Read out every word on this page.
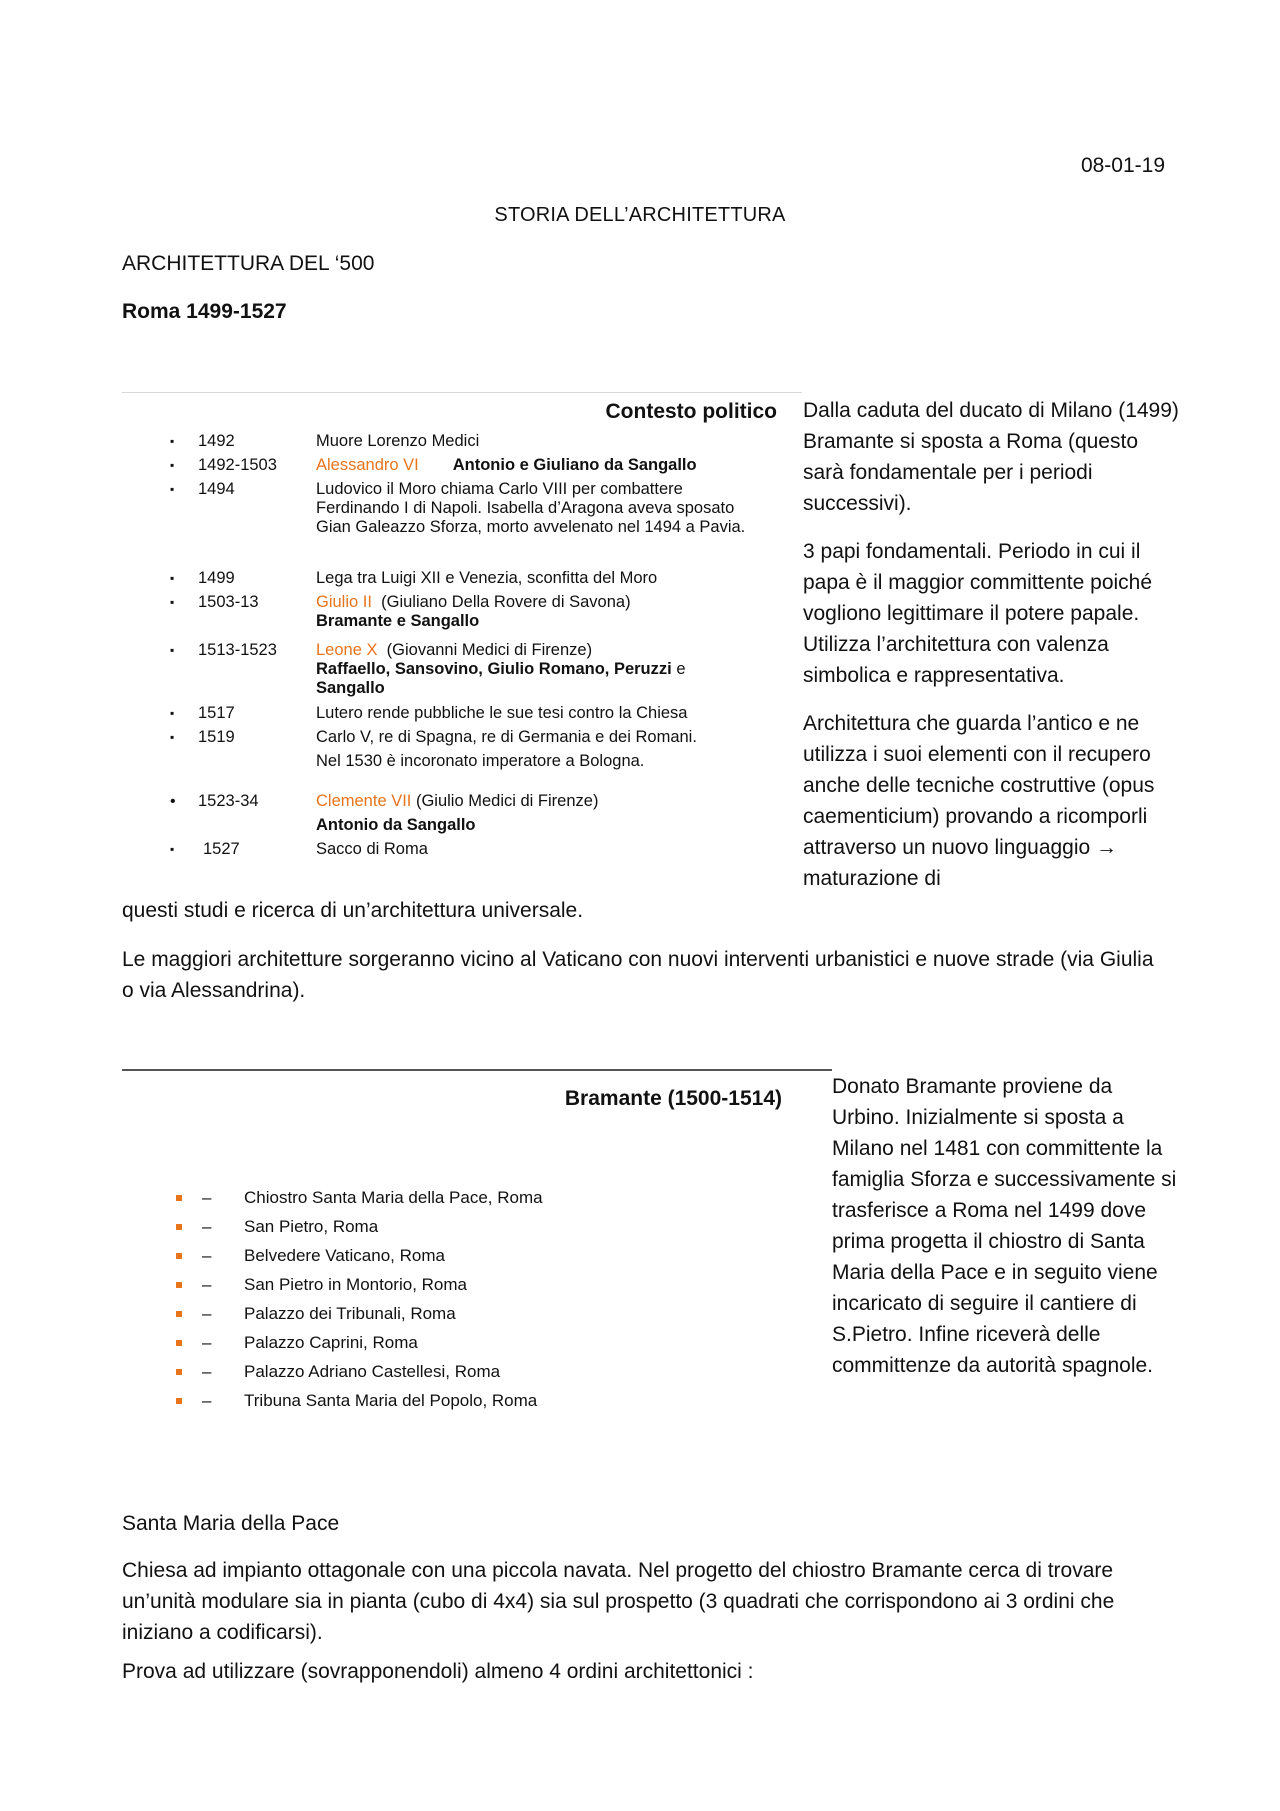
08-01-19
STORIA DELL’ARCHITETTURA
ARCHITETTURA DEL ‘500
Roma 1499-1527
Contesto politico
▪ 1492	Muore Lorenzo Medici
▪ 1492-1503 Alessandro VI Antonio e Giuliano da Sangallo
▪ 1494	Ludovico il Moro chiama Carlo VIII per combattere Ferdinando I di Napoli. Isabella d’Aragona aveva sposato Gian Galeazzo Sforza, morto avvelenato nel 1494 a Pavia.
▪ 1499	Lega tra Luigi XII e Venezia, sconfitta del Moro
▪ 1503-13	Giulio II (Giuliano Della Rovere di Savona)
Bramante e Sangallo
▪ 1513-1523 Leone X (Giovanni Medici di Firenze)
Raffaello, Sansovino, Giulio Romano, Peruzzi e
Sangallo
▪ 1517	Lutero rende pubbliche le sue tesi contro la Chiesa
▪ 1519	Carlo V, re di Spagna, re di Germania e dei Romani.
Nel 1530 è incoronato imperatore a Bologna.
• 1523-34	Clemente VII (Giulio Medici di Firenze)
Antonio da Sangallo
▪ 1527	Sacco di Roma

Dalla caduta del ducato di Milano (1499) Bramante si sposta a Roma (questo sarà fondamentale per i periodi successivi).

3 papi fondamentali. Periodo in cui il papa è il maggior committente poiché vogliono legittimare il potere papale. Utilizza l’architettura con valenza simbolica e rappresentativa.

Architettura che guarda l’antico e ne utilizza i suoi elementi con il recupero anche delle tecniche costruttive (opus caementicium) provando a ricomporli attraverso un nuovo linguaggio → maturazione di

questi studi e ricerca di un’architettura universale.
Le maggiori architetture sorgeranno vicino al Vaticano con nuovi interventi urbanistici e nuove strade (via Giulia o via Alessandrina).
Bramante (1500-1514)
– Chiostro Santa Maria della Pace, Roma
– San Pietro, Roma
– Belvedere Vaticano, Roma
– San Pietro in Montorio, Roma
– Palazzo dei Tribunali, Roma
– Palazzo Caprini, Roma
– Palazzo Adriano Castellesi, Roma
– Tribuna Santa Maria del Popolo, Roma
Donato Bramante proviene da Urbino. Inizialmente si sposta a Milano nel 1481 con committente la famiglia Sforza e successivamente si trasferisce a Roma nel 1499 dove prima progetta il chiostro di Santa Maria della Pace e in seguito viene incaricato di seguire il cantiere di S.Pietro. Infine riceverà delle committenze da autorità spagnole.
Santa Maria della Pace
Chiesa ad impianto ottagonale con una piccola navata. Nel progetto del chiostro Bramante cerca di trovare un’unità modulare sia in pianta (cubo di 4x4) sia sul prospetto (3 quadrati che corrispondono ai 3 ordini che iniziano a codificarsi).
Prova ad utilizzare (sovrapponendoli) almeno 4 ordini architettonici :
